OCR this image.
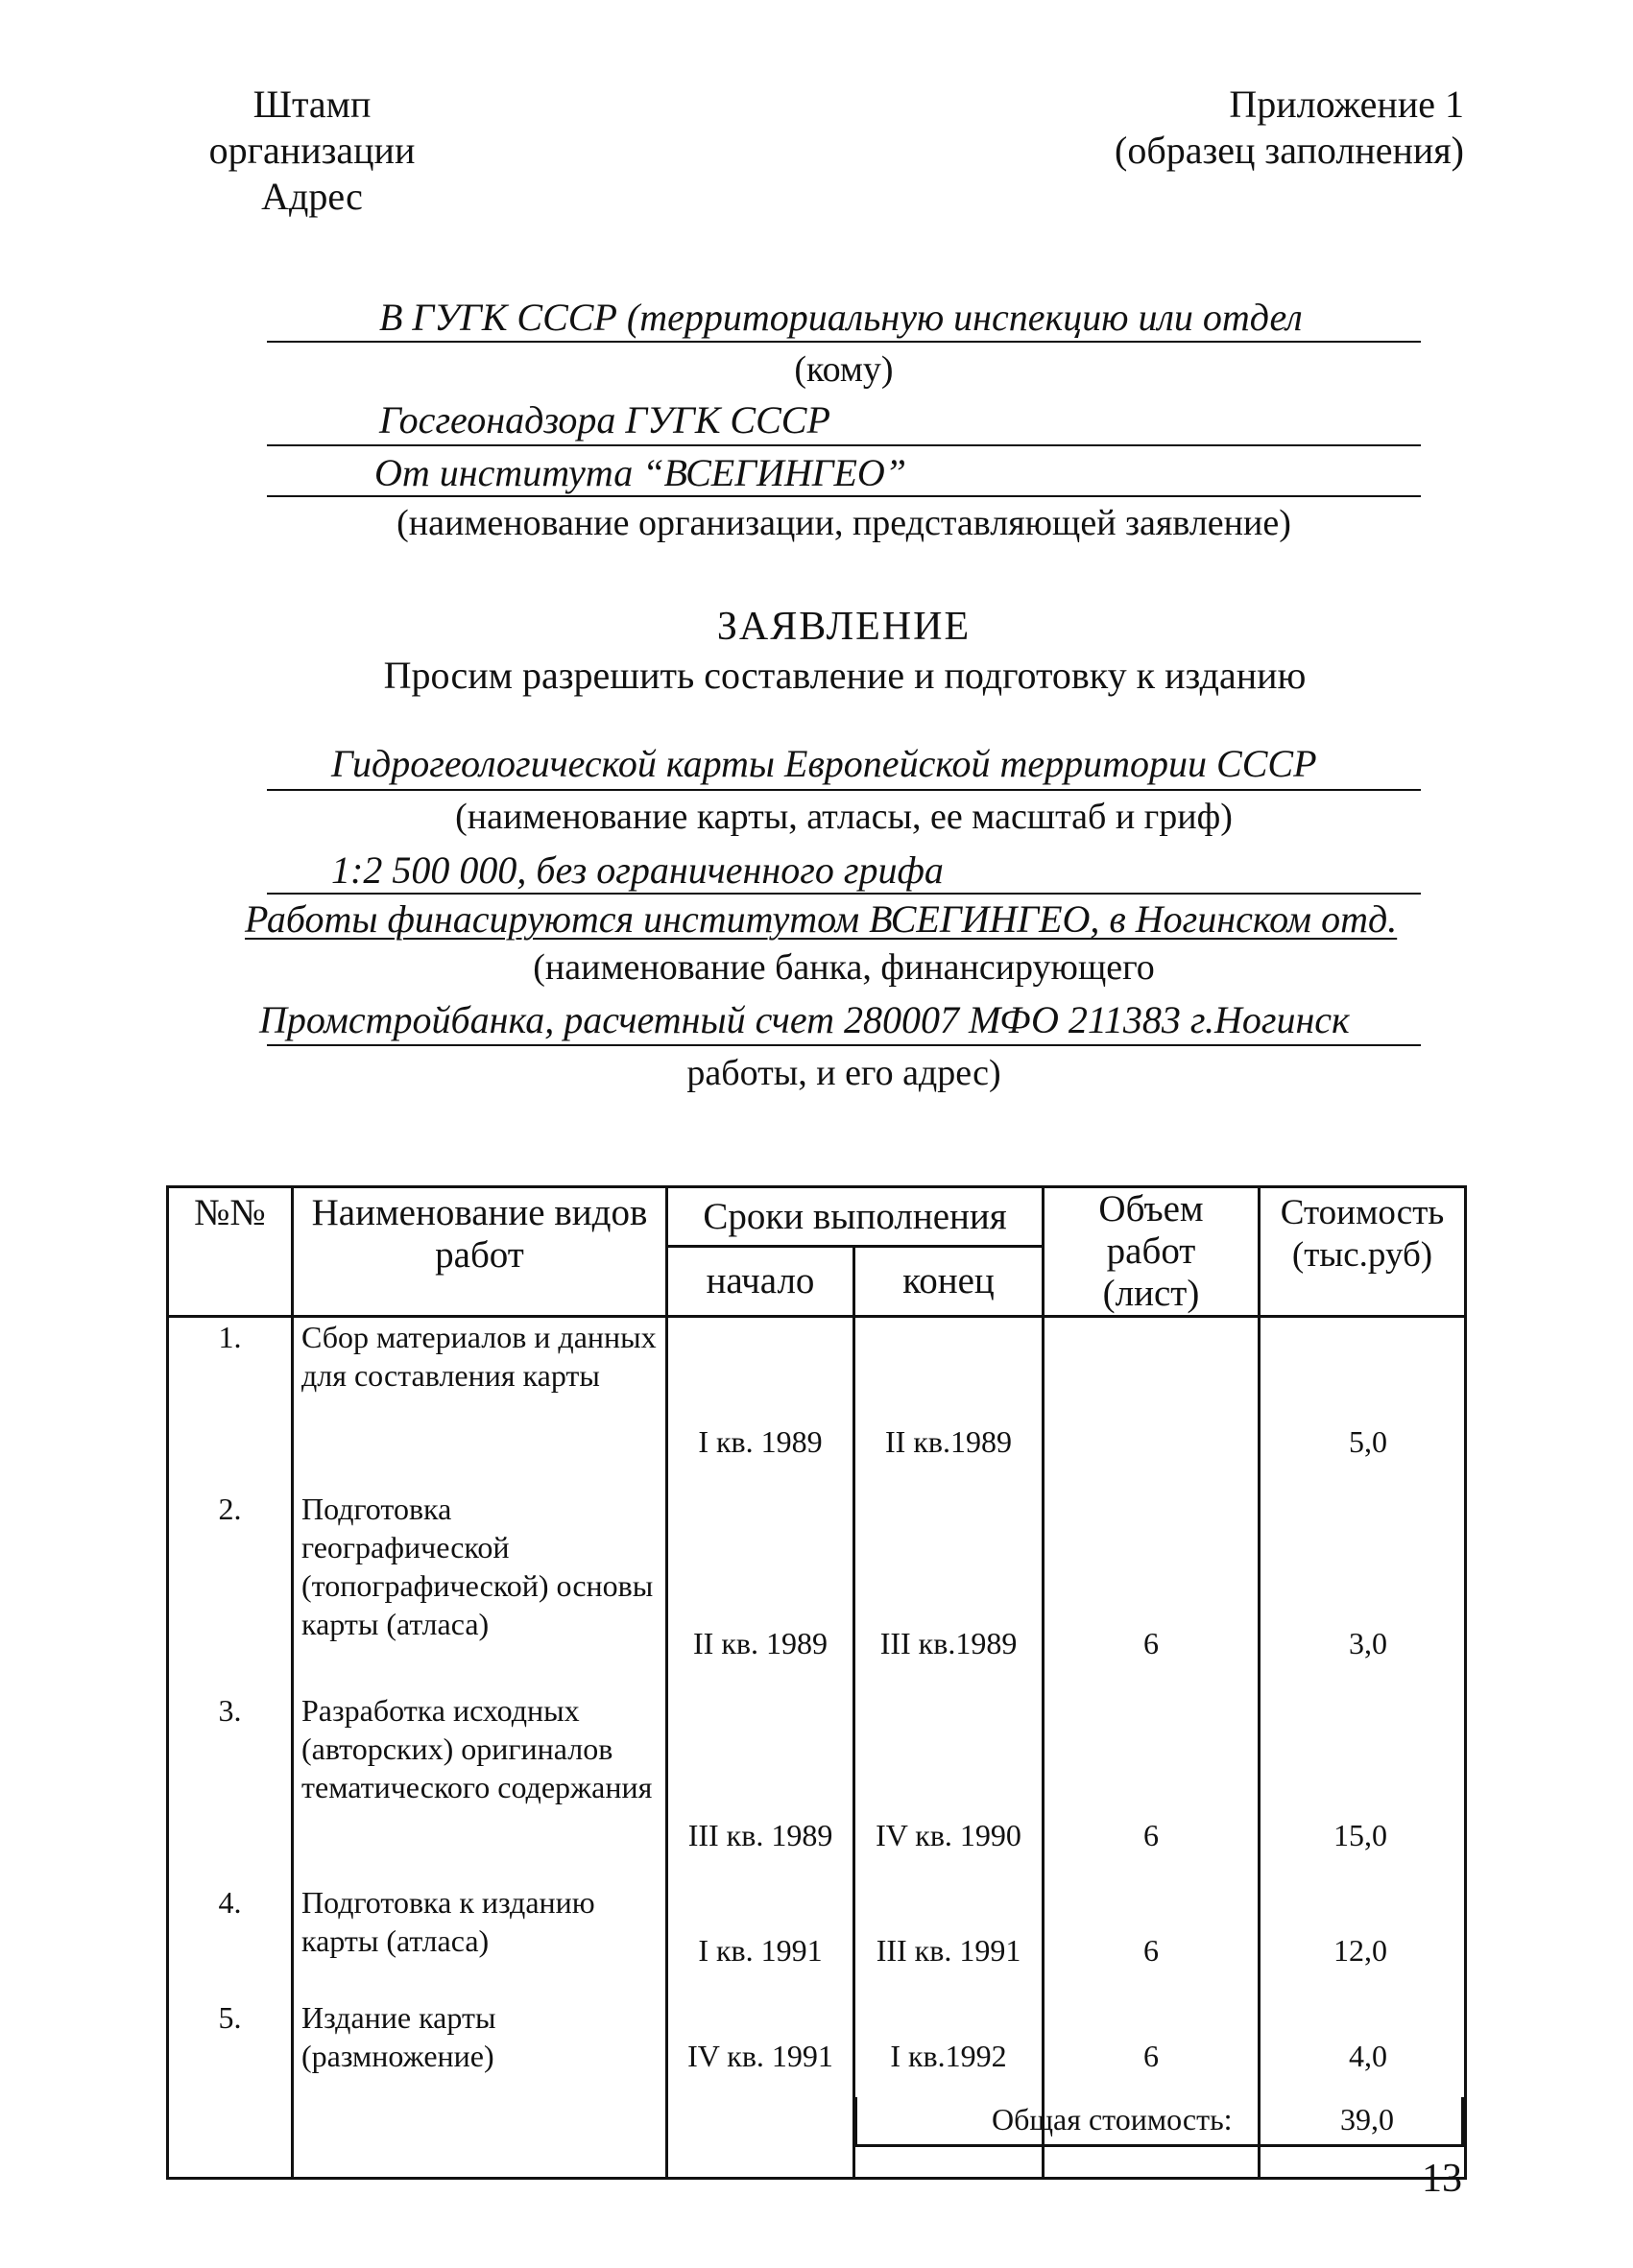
Штамп
организации
Адрес
Приложение 1
(образец заполнения)
В ГУГК СССР (территориальную инспекцию или отдел
(кому)
Госгеонадзора ГУГК СССР
От института “ВСЕГИНГЕО”
(наименование организации, представляющей заявление)
ЗАЯВЛЕНИЕ
Просим разрешить составление и подготовку к изданию
Гидрогеологической карты Европейской территории СССР
(наименование карты, атласы, ее масштаб и гриф)
1:2 500 000, без ограниченного грифа
Работы финасируются институтом ВСЕГИНГЕО, в Ногинском отд.
(наименование банка, финансирующего
Промстройбанка, расчетный счет 280007 МФО 211383 г.Ногинск
работы, и его адрес)
№№	Наименование видов работ	Сроки выполнения		Объем работ (лист)	Стоимость (тыс.руб)
		начало	конец		
1.	Сбор материалов и данных для составления карты	I кв. 1989	II кв.1989		5,0
2.	Подготовка географической (топографической) основы карты (атласа)	II кв. 1989	III кв.1989	6	3,0
3.	Разработка исходных (авторских) оригиналов тематического содержания	III кв. 1989	IV кв. 1990	6	15,0
4.	Подготовка к изданию карты (атласа)	I кв. 1991	III кв. 1991	6	12,0
5.	Издание карты (размножение)	IV кв. 1991	I кв.1992	6	4,0
Общая стоимость:	39,0
13
